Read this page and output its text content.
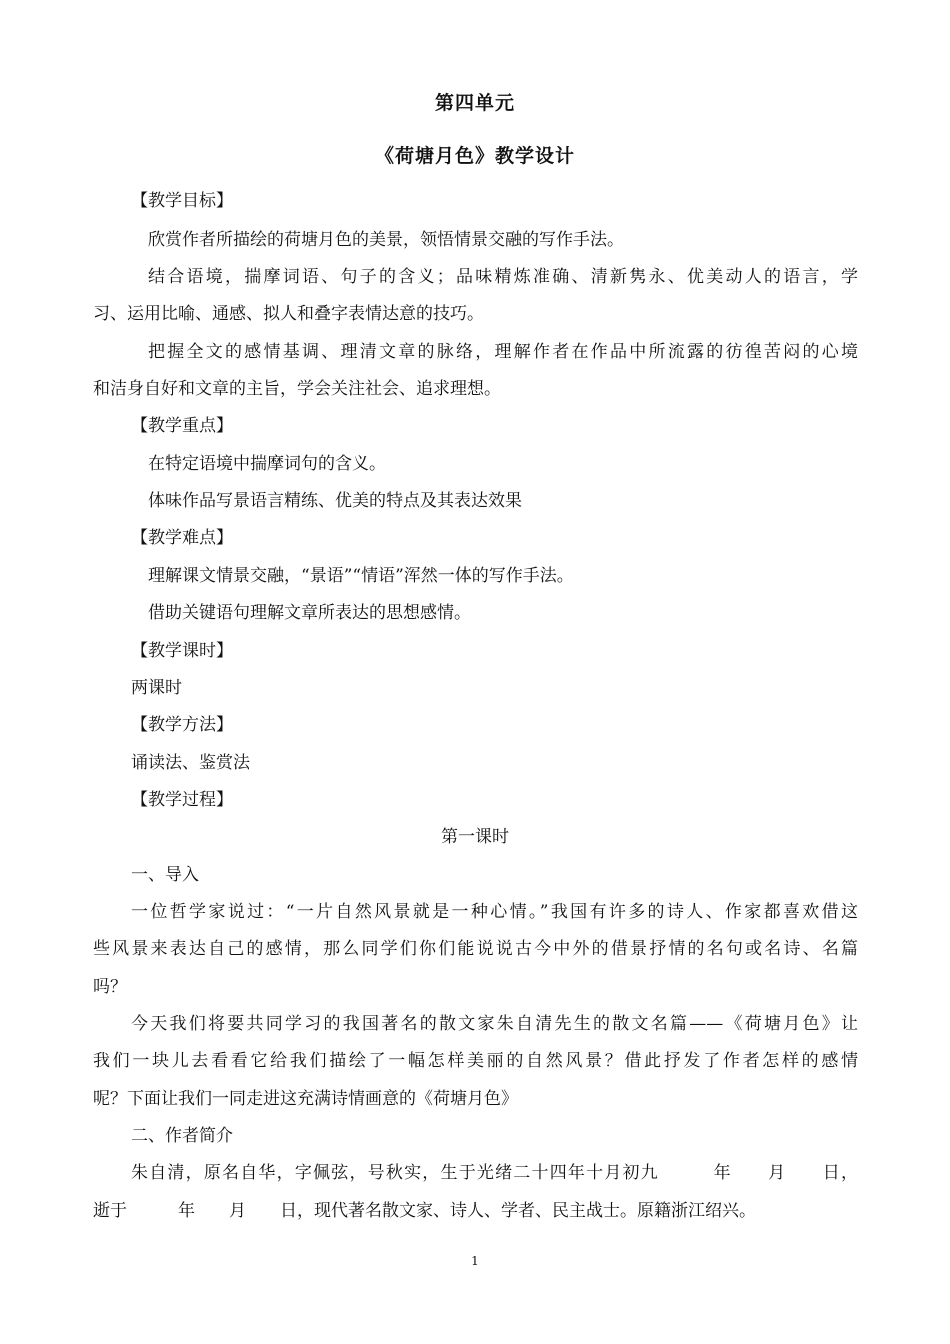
第四单元
《荷塘月色》教学设计
【教学目标】
欣赏作者所描绘的荷塘月色的美景，领悟情景交融的写作手法。
结合语境，揣摩词语、句子的含义；品味精炼准确、清新隽永、优美动人的语言，学
习、运用比喻、通感、拟人和叠字表情达意的技巧。
把握全文的感情基调、理清文章的脉络，理解作者在作品中所流露的彷徨苦闷的心境
和洁身自好和文章的主旨，学会关注社会、追求理想。
【教学重点】
在特定语境中揣摩词句的含义。
体味作品写景语言精练、优美的特点及其表达效果
【教学难点】
理解课文情景交融，“景语”“情语”浑然一体的写作手法。
借助关键语句理解文章所表达的思想感情。
【教学课时】
两课时
【教学方法】
诵读法、鉴赏法
【教学过程】
第一课时
一、导入
一位哲学家说过：“一片自然风景就是一种心情。”我国有许多的诗人、作家都喜欢借这
些风景来表达自己的感情，那么同学们你们能说说古今中外的借景抒情的名句或名诗、名篇
吗？
今天我们将要共同学习的我国著名的散文家朱自清先生的散文名篇——《荷塘月色》让
我们一块儿去看看它给我们描绘了一幅怎样美丽的自然风景？借此抒发了作者怎样的感情
呢？下面让我们一同走进这充满诗情画意的《荷塘月色》
二、作者简介
朱自清，原名自华，字佩弦，号秋实，生于光绪二十四年十月初九　　　年　　月　　日，
逝于　　　年　　月　　日，现代著名散文家、诗人、学者、民主战士。原籍浙江绍兴。
1
